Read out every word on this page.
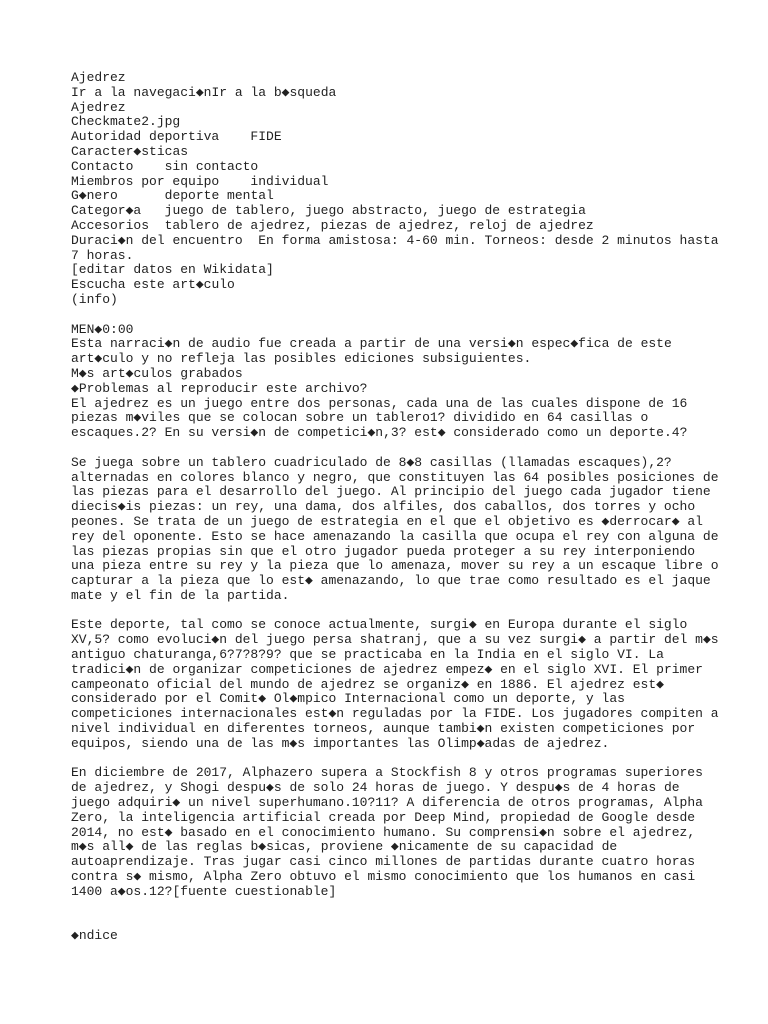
Ajedrez
Ir a la navegaci◆nIr a la b◆squeda
Ajedrez
Checkmate2.jpg
Autoridad deportiva    FIDE
Caracter◆sticas
Contacto    sin contacto
Miembros por equipo    individual
G◆nero      deporte mental
Categor◆a   juego de tablero, juego abstracto, juego de estrategia
Accesorios  tablero de ajedrez, piezas de ajedrez, reloj de ajedrez
Duraci◆n del encuentro  En forma amistosa: 4-60 min. Torneos: desde 2 minutos hasta
7 horas.
[editar datos en Wikidata]
Escucha este art◆culo
(info)
MEN◆0:00
Esta narraci◆n de audio fue creada a partir de una versi◆n espec◆fica de este
art◆culo y no refleja las posibles ediciones subsiguientes.
M◆s art◆culos grabados
◆Problemas al reproducir este archivo?
El ajedrez es un juego entre dos personas, cada una de las cuales dispone de 16
piezas m◆viles que se colocan sobre un tablero1? dividido en 64 casillas o
escaques.2? En su versi◆n de competici◆n,3? est◆ considerado como un deporte.4?
Se juega sobre un tablero cuadriculado de 8◆8 casillas (llamadas escaques),2?
alternadas en colores blanco y negro, que constituyen las 64 posibles posiciones de
las piezas para el desarrollo del juego. Al principio del juego cada jugador tiene
diecis◆is piezas: un rey, una dama, dos alfiles, dos caballos, dos torres y ocho
peones. Se trata de un juego de estrategia en el que el objetivo es ◆derrocar◆ al
rey del oponente. Esto se hace amenazando la casilla que ocupa el rey con alguna de
las piezas propias sin que el otro jugador pueda proteger a su rey interponiendo
una pieza entre su rey y la pieza que lo amenaza, mover su rey a un escaque libre o
capturar a la pieza que lo est◆ amenazando, lo que trae como resultado es el jaque
mate y el fin de la partida.
Este deporte, tal como se conoce actualmente, surgi◆ en Europa durante el siglo
XV,5? como evoluci◆n del juego persa shatranj, que a su vez surgi◆ a partir del m◆s
antiguo chaturanga,6?7?8?9? que se practicaba en la India en el siglo VI. La
tradici◆n de organizar competiciones de ajedrez empez◆ en el siglo XVI. El primer
campeonato oficial del mundo de ajedrez se organiz◆ en 1886. El ajedrez est◆
considerado por el Comit◆ Ol◆mpico Internacional como un deporte, y las
competiciones internacionales est◆n reguladas por la FIDE. Los jugadores compiten a
nivel individual en diferentes torneos, aunque tambi◆n existen competiciones por
equipos, siendo una de las m◆s importantes las Olimp◆adas de ajedrez.
En diciembre de 2017, Alphazero supera a Stockfish 8 y otros programas superiores
de ajedrez, y Shogi despu◆s de solo 24 horas de juego. Y despu◆s de 4 horas de
juego adquiri◆ un nivel superhumano.10?11? A diferencia de otros programas, Alpha
Zero, la inteligencia artificial creada por Deep Mind, propiedad de Google desde
2014, no est◆ basado en el conocimiento humano. Su comprensi◆n sobre el ajedrez,
m◆s all◆ de las reglas b◆sicas, proviene ◆nicamente de su capacidad de
autoaprendizaje. Tras jugar casi cinco millones de partidas durante cuatro horas
contra s◆ mismo, Alpha Zero obtuvo el mismo conocimiento que los humanos en casi
1400 a◆os.12?[fuente cuestionable]
◆ndice
